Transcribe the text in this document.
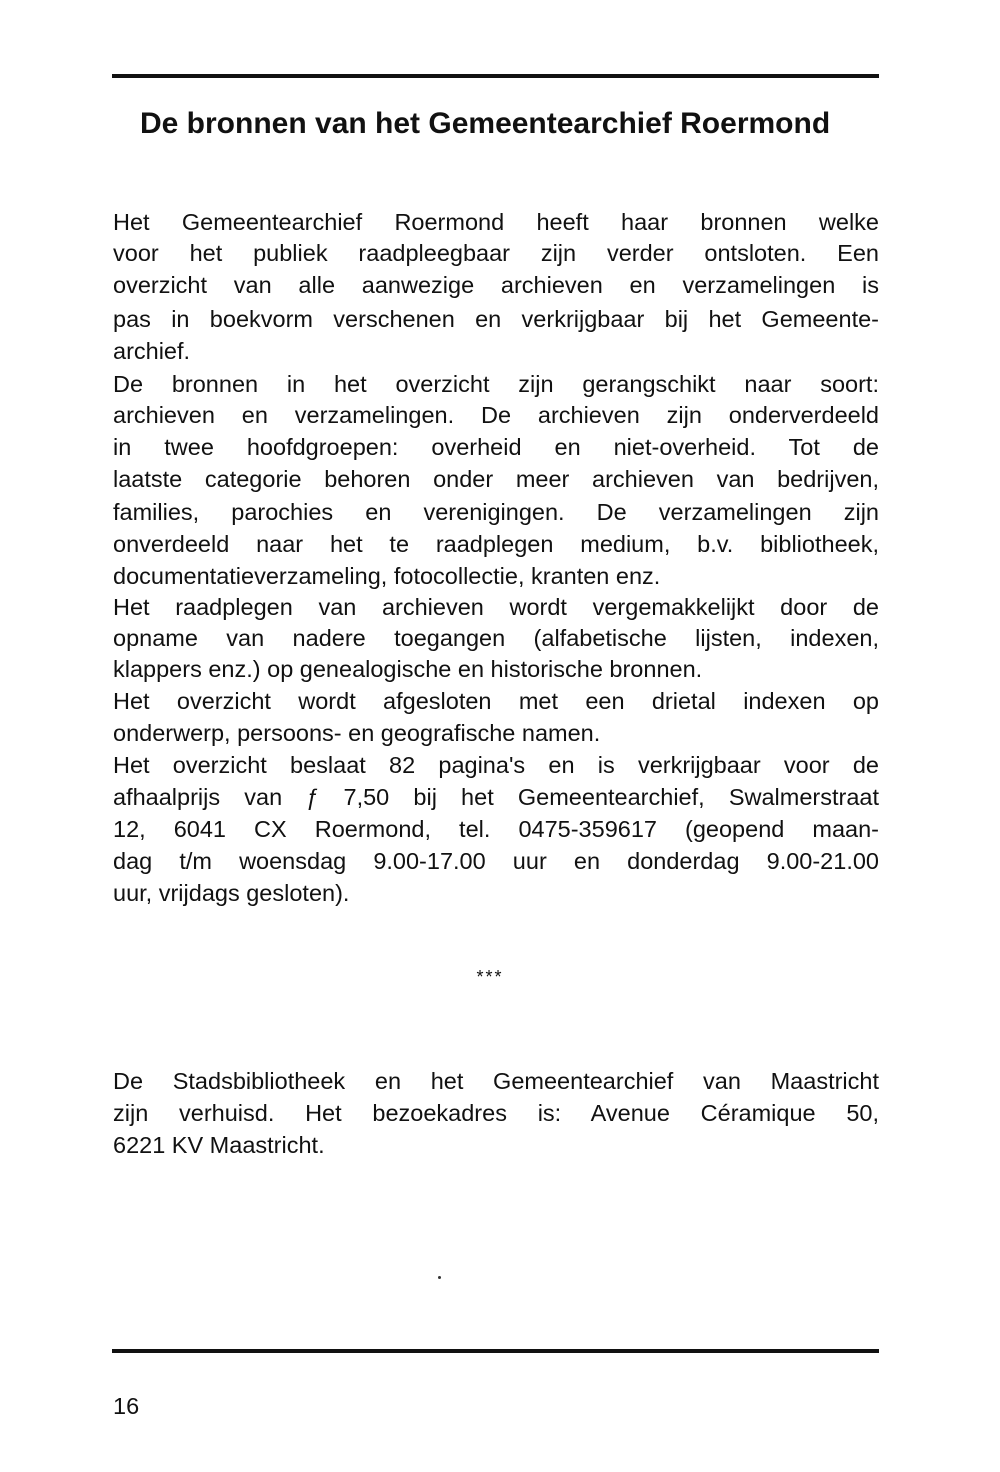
De bronnen van het Gemeentearchief Roermond

Het Gemeentearchief Roermond heeft haar bronnen welke

voor het publiek raadpleegbaar zijn verder ontsloten. Een

overzicht van alle aanwezige archieven en verzamelingen is

pas in boekvorm verschenen en verkrijgbaar bij het Gemeente-

archief.

De bronnen in het overzicht zijn gerangschikt naar soort:

archieven en verzamelingen. De archieven zijn onderverdeeld

in twee hoofdgroepen: overheid en niet-overheid. Tot de

laatste categorie behoren onder meer archieven van bedrijven,

families, parochies en verenigingen. De verzamelingen zijn

onverdeeld naar het te raadplegen medium, b.v. bibliotheek,

documentatieverzameling, fotocollectie, kranten enz.

Het raadplegen van archieven wordt vergemakkelijkt door de

opname van nadere toegangen (alfabetische lijsten, indexen,

klappers enz.) op genealogische en historische bronnen.

Het overzicht wordt afgesloten met een drietal indexen op

onderwerp, persoons- en geografische namen.

Het overzicht beslaat 82 pagina's en is verkrijgbaar voor de

afhaalprijs van ƒ 7,50 bij het Gemeentearchief, Swalmerstraat

12, 6041 CX Roermond, tel. 0475-359617 (geopend maan-

dag t/m woensdag 9.00-17.00 uur en donderdag 9.00-21.00

uur, vrijdags gesloten).

***

De Stadsbibliotheek en het Gemeentearchief van Maastricht

zijn verhuisd. Het bezoekadres is: Avenue Céramique 50,

6221 KV Maastricht.

16
